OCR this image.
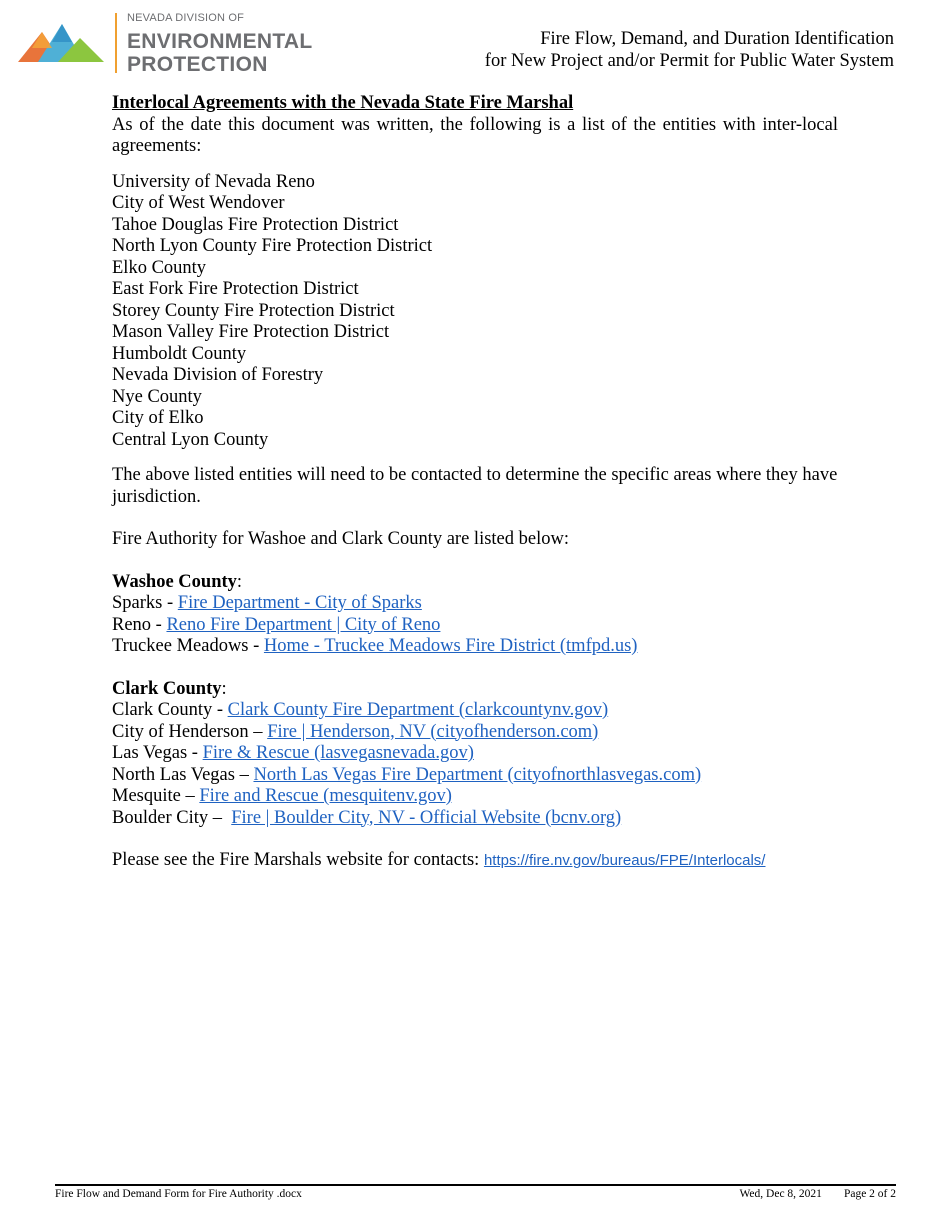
NEVADA DIVISION OF
ENVIRONMENTAL
PROTECTION
Fire Flow, Demand, and Duration Identification
for New Project and/or Permit for Public Water System
Interlocal Agreements with the Nevada State Fire Marshal
As of the date this document was written, the following is a list of the entities with inter-local agreements:
University of Nevada Reno
City of West Wendover
Tahoe Douglas Fire Protection District
North Lyon County Fire Protection District
Elko County
East Fork Fire Protection District
Storey County Fire Protection District
Mason Valley Fire Protection District
Humboldt County
Nevada Division of Forestry
Nye County
City of Elko
Central Lyon County
The above listed entities will need to be contacted to determine the specific areas where they have jurisdiction.
Fire Authority for Washoe and Clark County are listed below:
Washoe County:
Sparks - Fire Department - City of Sparks
Reno - Reno Fire Department | City of Reno
Truckee Meadows - Home - Truckee Meadows Fire District (tmfpd.us)
Clark County:
Clark County - Clark County Fire Department (clarkcountynv.gov)
City of Henderson – Fire | Henderson, NV (cityofhenderson.com)
Las Vegas - Fire & Rescue (lasvegasnevada.gov)
North Las Vegas – North Las Vegas Fire Department (cityofnorthlasvegas.com)
Mesquite – Fire and Rescue (mesquitenv.gov)
Boulder City –  Fire | Boulder City, NV - Official Website (bcnv.org)
Please see the Fire Marshals website for contacts: https://fire.nv.gov/bureaus/FPE/Interlocals/
Fire Flow and Demand Form for Fire Authority .docx	Wed, Dec 8, 2021 Page 2 of 2
